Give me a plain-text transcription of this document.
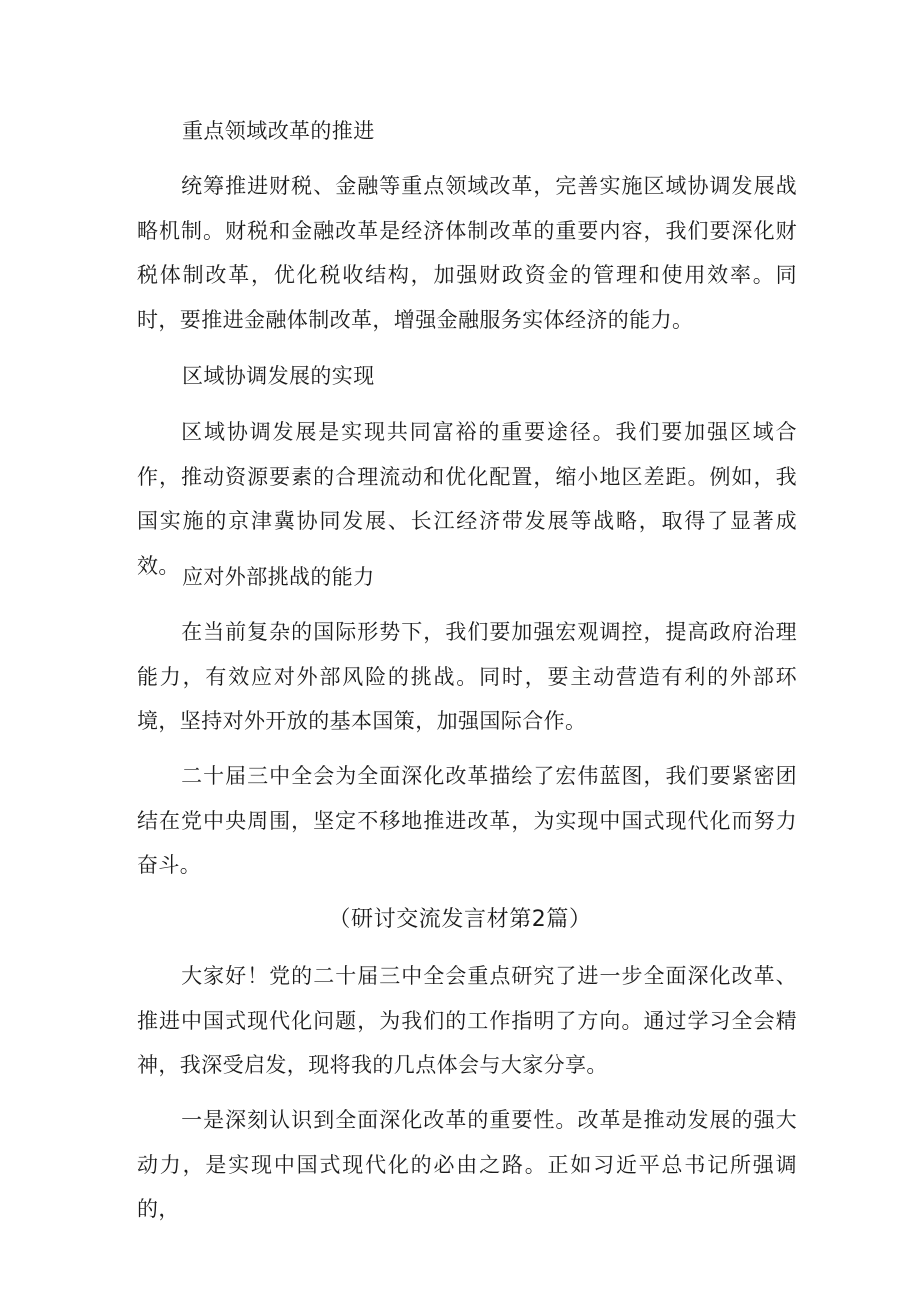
重点领域改革的推进
统筹推进财税、金融等重点领域改革，完善实施区域协调发展战略机制。财税和金融改革是经济体制改革的重要内容，我们要深化财税体制改革，优化税收结构，加强财政资金的管理和使用效率。同时，要推进金融体制改革，增强金融服务实体经济的能力。
区域协调发展的实现
区域协调发展是实现共同富裕的重要途径。我们要加强区域合作，推动资源要素的合理流动和优化配置，缩小地区差距。例如，我国实施的京津冀协同发展、长江经济带发展等战略，取得了显著成效。 应对外部挑战的能力
在当前复杂的国际形势下，我们要加强宏观调控，提高政府治理能力，有效应对外部风险的挑战。同时，要主动营造有利的外部环境，坚持对外开放的基本国策，加强国际合作。
二十届三中全会为全面深化改革描绘了宏伟蓝图，我们要紧密团结在党中央周围，坚定不移地推进改革，为实现中国式现代化而努力奋斗。
（研讨交流发言材第2篇）
大家好！党的二十届三中全会重点研究了进一步全面深化改革、推进中国式现代化问题，为我们的工作指明了方向。通过学习全会精神，我深受启发，现将我的几点体会与大家分享。
一是深刻认识到全面深化改革的重要性。改革是推动发展的强大动力，是实现中国式现代化的必由之路。正如习近平总书记所强调的，
